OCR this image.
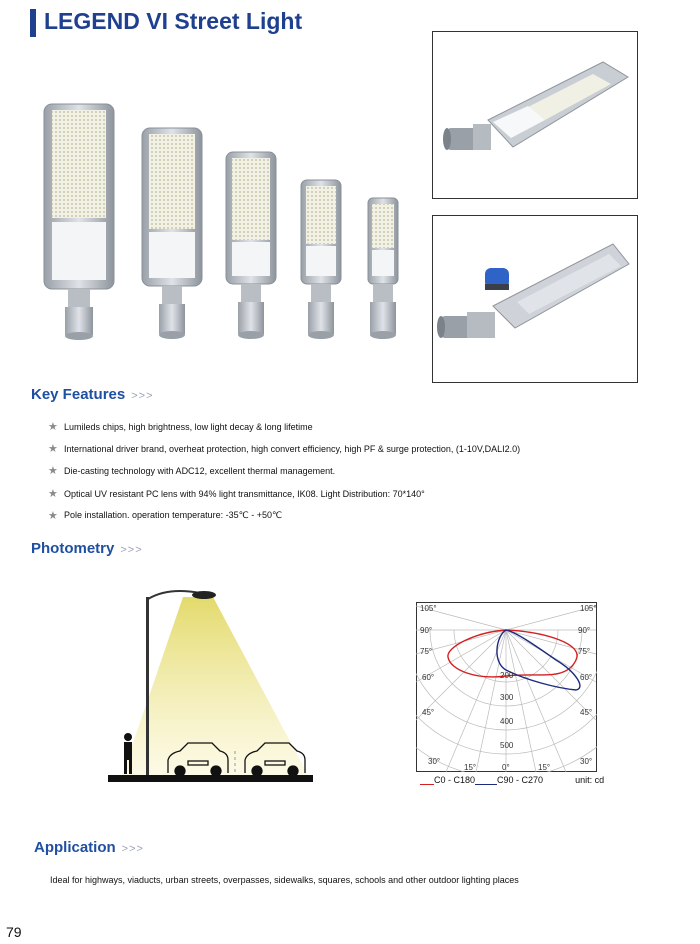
LEGEND VI Street Light
Key Features >>>
★ Lumileds chips, high brightness, low light decay & long lifetime
★ International driver brand, overheat protection, high convert efficiency, high PF & surge protection, (1-10V,DALI2.0)
★ Die-casting technology with ADC12, excellent thermal management.
★ Optical UV resistant PC lens with 94% light transmittance, IK08. Light Distribution: 70*140°
★ Pole installation. operation temperature: -35℃ - +50℃
Photometry >>>
105°
90°
75°
60°
45°
30°
15°
105°
90°
75°
60°
45°
30°
15°
0°
200
300
400
500
C0 - C180 C90 - C270	unit: cd
Application >>>
Ideal for highways, viaducts, urban streets, overpasses, sidewalks, squares, schools and other outdoor lighting places
79
